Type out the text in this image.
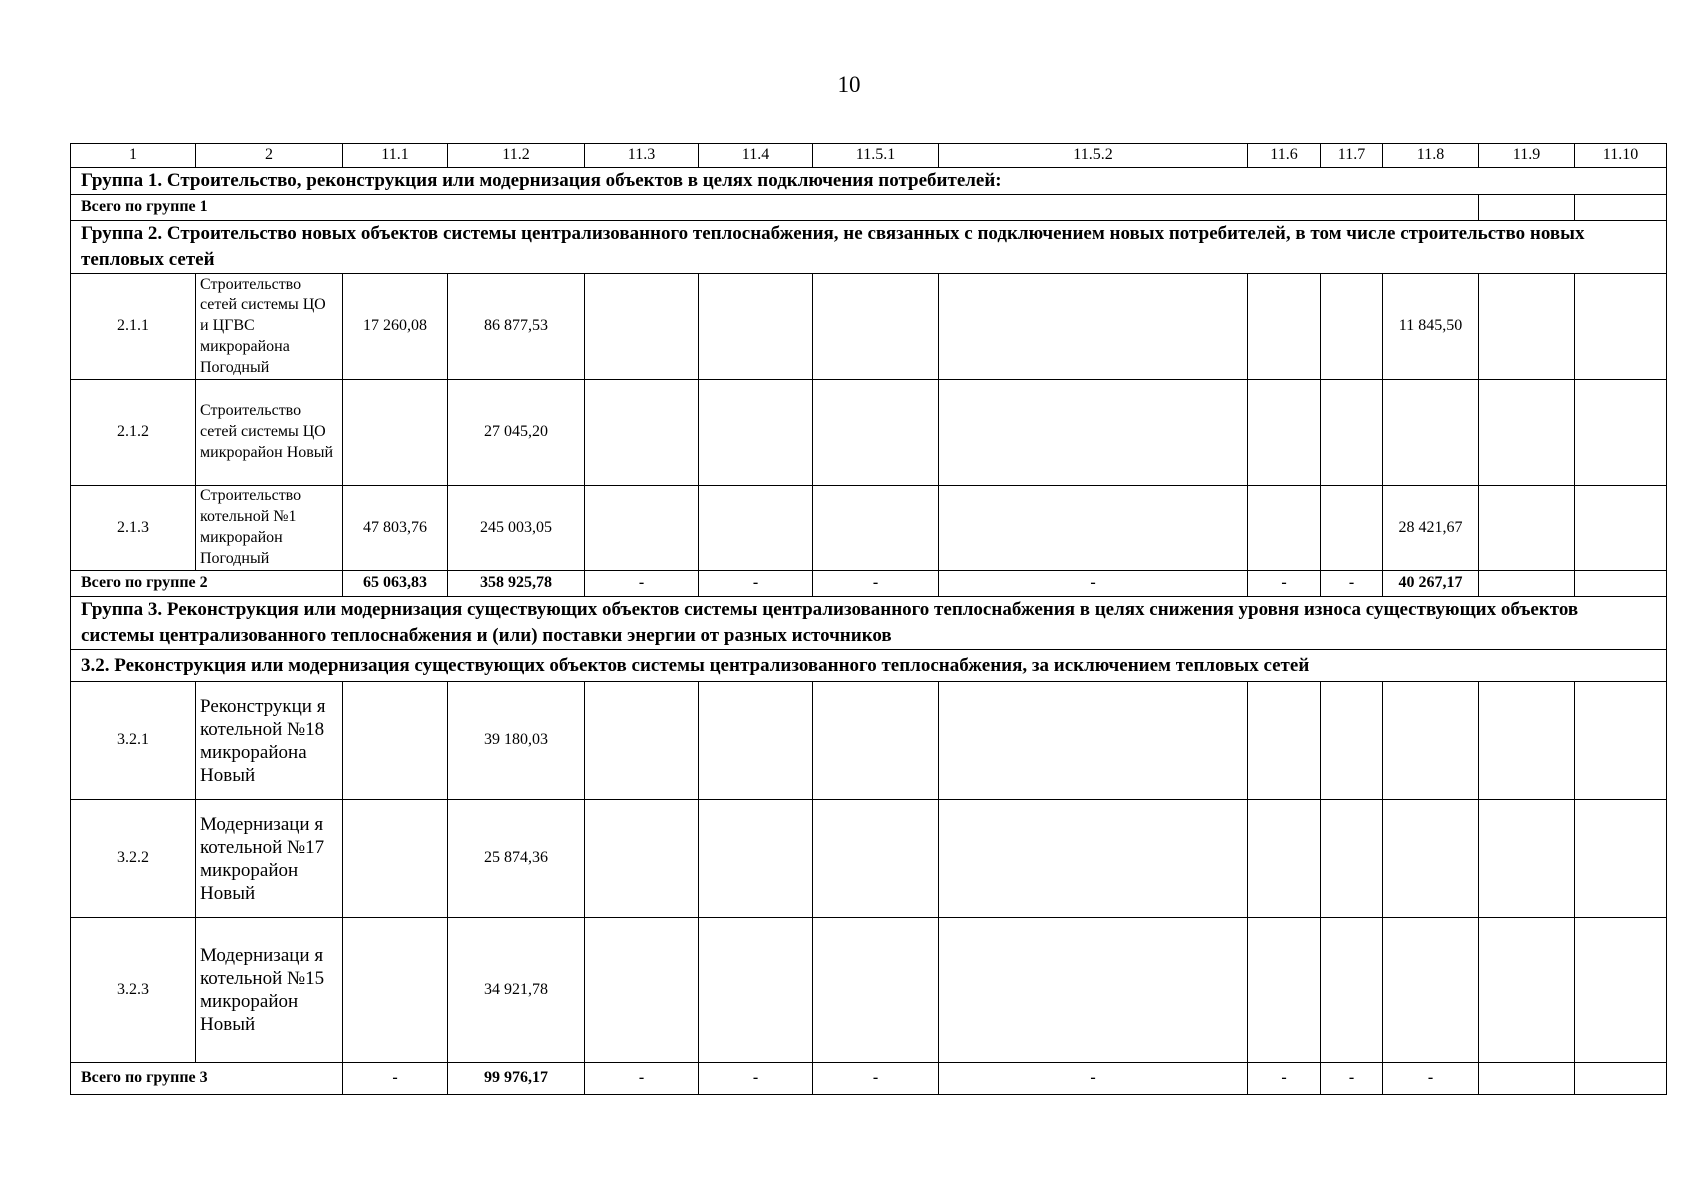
10
1	2	11.1	11.2	11.3	11.4	11.5.1	11.5.2	11.6	11.7	11.8	11.9	11.10
Группа 1. Строительство, реконструкция или модернизация объектов в целях подключения потребителей:												
Всего по группе 1												
Группа 2. Строительство новых объектов системы централизованного теплоснабжения, не связанных с подключением новых потребителей, в том числе строительство новых тепловых сетей												
2.1.1	Строительство сетей системы ЦО и ЦГВС микрорайона Погодный	17 260,08	86 877,53							11 845,50		
2.1.2	Строительство сетей системы ЦО микрорайон Новый		27 045,20									
2.1.3	Строительство котельной №1 микрорайон Погодный	47 803,76	245 003,05							28 421,67		
Всего по группе 2		65 063,83	358 925,78	-	-	-	-	-	-	40 267,17		
Группа 3. Реконструкция или модернизация существующих объектов системы централизованного теплоснабжения в целях снижения уровня износа существующих объектов системы централизованного теплоснабжения и (или) поставки энергии от разных источников												
3.2. Реконструкция или модернизация существующих объектов системы централизованного теплоснабжения, за исключением тепловых сетей												
3.2.1	Реконструкци я котельной №18 микрорайона Новый		39 180,03									
3.2.2	Модернизаци я котельной №17 микрорайон Новый		25 874,36									
3.2.3	Модернизаци я котельной №15 микрорайон Новый		34 921,78									
Всего по группе 3		-	99 976,17	-	-	-	-	-	-	-		
